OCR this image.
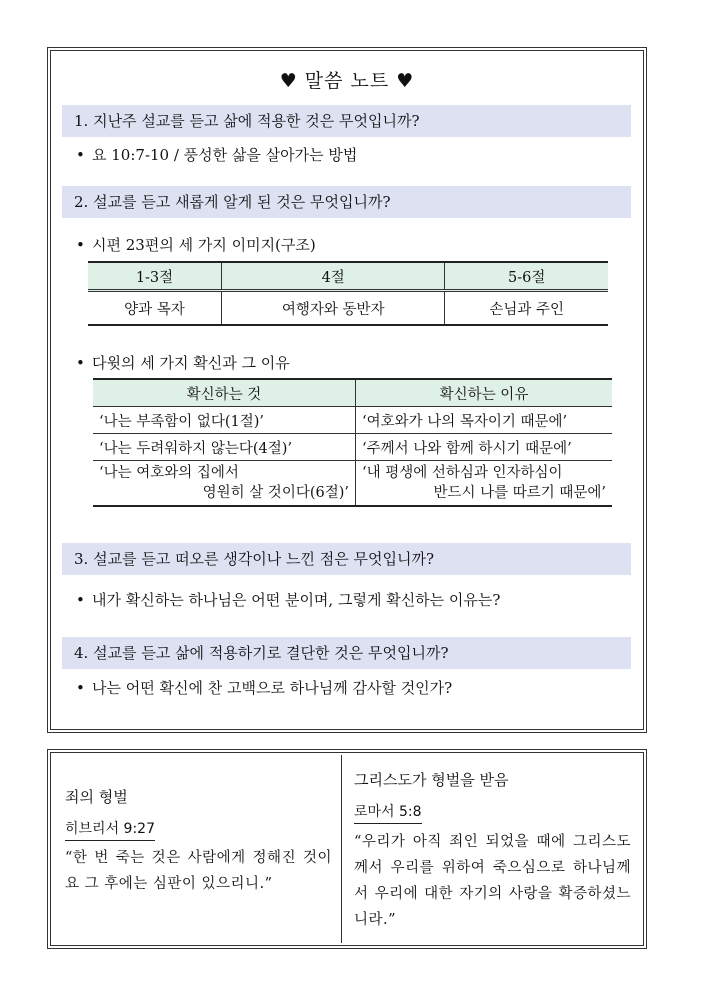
♥ 말씀 노트 ♥
1. 지난주 설교를 듣고 삶에 적용한 것은 무엇입니까?
• 요 10:7-10 / 풍성한 삶을 살아가는 방법
2. 설교를 듣고 새롭게 알게 된 것은 무엇입니까?
• 시편 23편의 세 가지 이미지(구조)
1-3절	4절	5-6절
양과 목자	여행자와 동반자	손님과 주인
• 다윗의 세 가지 확신과 그 이유
확신하는 것	확신하는 이유
‘나는 부족함이 없다(1절)’	‘여호와가 나의 목자이기 때문에’
‘나는 두려워하지 않는다(4절)’	‘주께서 나와 함께 하시기 때문에’
‘나는 여호와의 집에서
영원히 살 것이다(6절)’	‘내 평생에 선하심과 인자하심이
반드시 나를 따르기 때문에’
3. 설교를 듣고 떠오른 생각이나 느낀 점은 무엇입니까?
• 내가 확신하는 하나님은 어떤 분이며, 그렇게 확신하는 이유는?
4. 설교를 듣고 삶에 적용하기로 결단한 것은 무엇입니까?
• 나는 어떤 확신에 찬 고백으로 하나님께 감사할 것인가?
죄의 형벌
히브리서 9:27
“한 번 죽는 것은 사람에게 정해진 것이요 그 후에는 심판이 있으리니.”
그리스도가 형벌을 받음
로마서 5:8
“우리가 아직 죄인 되었을 때에 그리스도께서 우리를 위하여 죽으심으로 하나님께서 우리에 대한 자기의 사랑을 확증하셨느니라.”
